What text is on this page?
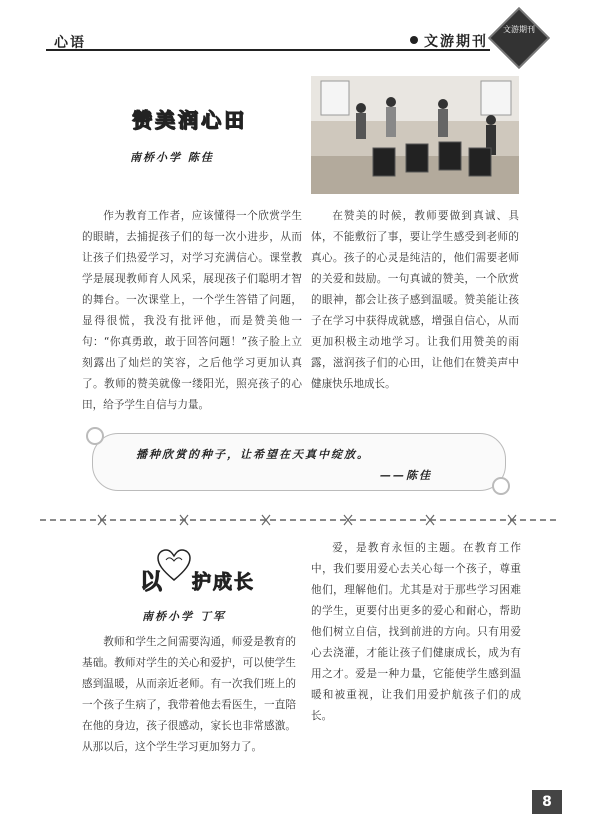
心语	文游期刊
文游期刊
赞美润心田
南桥小学 陈佳

作为教育工作者，应该懂得一个欣赏学生的眼睛，去捕捉孩子们的每一次小进步，从而让孩子们热爱学习，对学习充满信心。课堂教学是展现教师育人风采，展现孩子们聪明才智的舞台。一次课堂上，一个学生答错了问题，显得很慌，我没有批评他，而是赞美他一句：“你真勇敢，敢于回答问题！”孩子脸上立刻露出了灿烂的笑容，之后他学习更加认真了。教师的赞美就像一缕阳光，照亮孩子的心田，给予学生自信与力量。

在赞美的时候，教师要做到真诚、具体，不能敷衍了事，要让学生感受到老师的真心。孩子的心灵是纯洁的，他们需要老师的关爱和鼓励。一句真诚的赞美，一个欣赏的眼神，都会让孩子感到温暖。赞美能让孩子在学习中获得成就感，增强自信心，从而更加积极主动地学习。让我们用赞美的雨露，滋润孩子们的心田，让他们在赞美声中健康快乐地成长。

播种欣赏的种子，让希望在天真中绽放。
——陈佳
以 护成长
南桥小学 丁军

教师和学生之间需要沟通，师爱是教育的基础。教师对学生的关心和爱护，可以使学生感到温暖，从而亲近老师。有一次我们班上的一个孩子生病了，我带着他去看医生，一直陪在他的身边，孩子很感动，家长也非常感激。从那以后，这个学生学习更加努力了。

爱，是教育永恒的主题。在教育工作中，我们要用爱心去关心每一个孩子，尊重他们，理解他们。尤其是对于那些学习困难的学生，更要付出更多的爱心和耐心，帮助他们树立自信，找到前进的方向。只有用爱心去浇灌，才能让孩子们健康成长，成为有用之才。爱是一种力量，它能使学生感到温暖和被重视，让我们用爱护航孩子们的成长。

8
